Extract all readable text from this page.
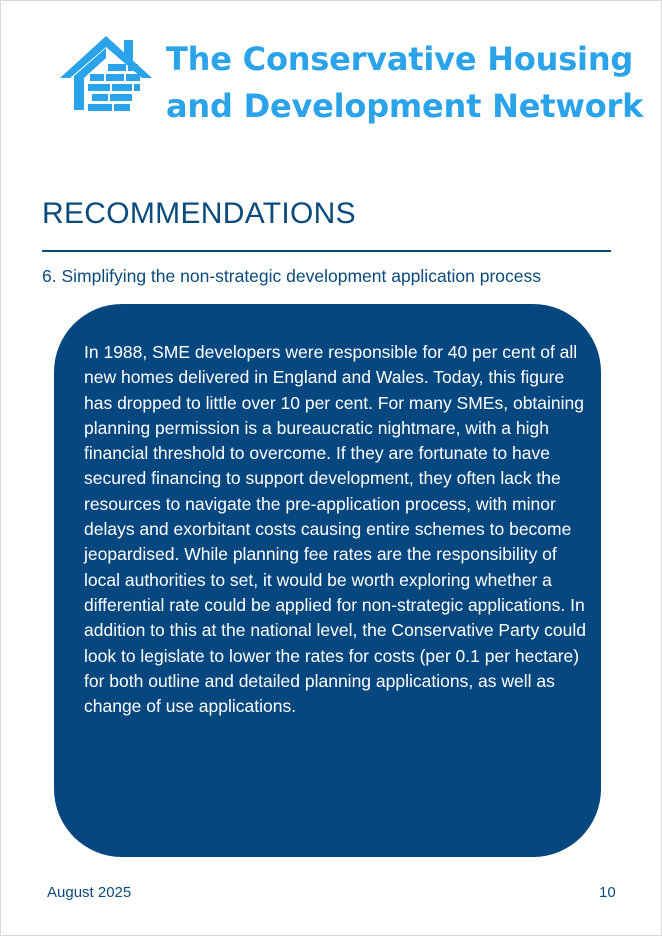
The Conservative Housing
and Development Network
RECOMMENDATIONS

6. Simplifying the non-strategic development application process

In 1988, SME developers were responsible for 40 per cent of all new homes delivered in England and Wales. Today, this figure has dropped to little over 10 per cent. For many SMEs, obtaining planning permission is a bureaucratic nightmare, with a high financial threshold to overcome. If they are fortunate to have secured financing to support development, they often lack the resources to navigate the pre-application process, with minor delays and exorbitant costs causing entire schemes to become jeopardised. While planning fee rates are the responsibility of local authorities to set, it would be worth exploring whether a differential rate could be applied for non-strategic applications. In addition to this at the national level, the Conservative Party could look to legislate to lower the rates for costs (per 0.1 per hectare) for both outline and detailed planning applications, as well as change of use applications.

August 2025	10
